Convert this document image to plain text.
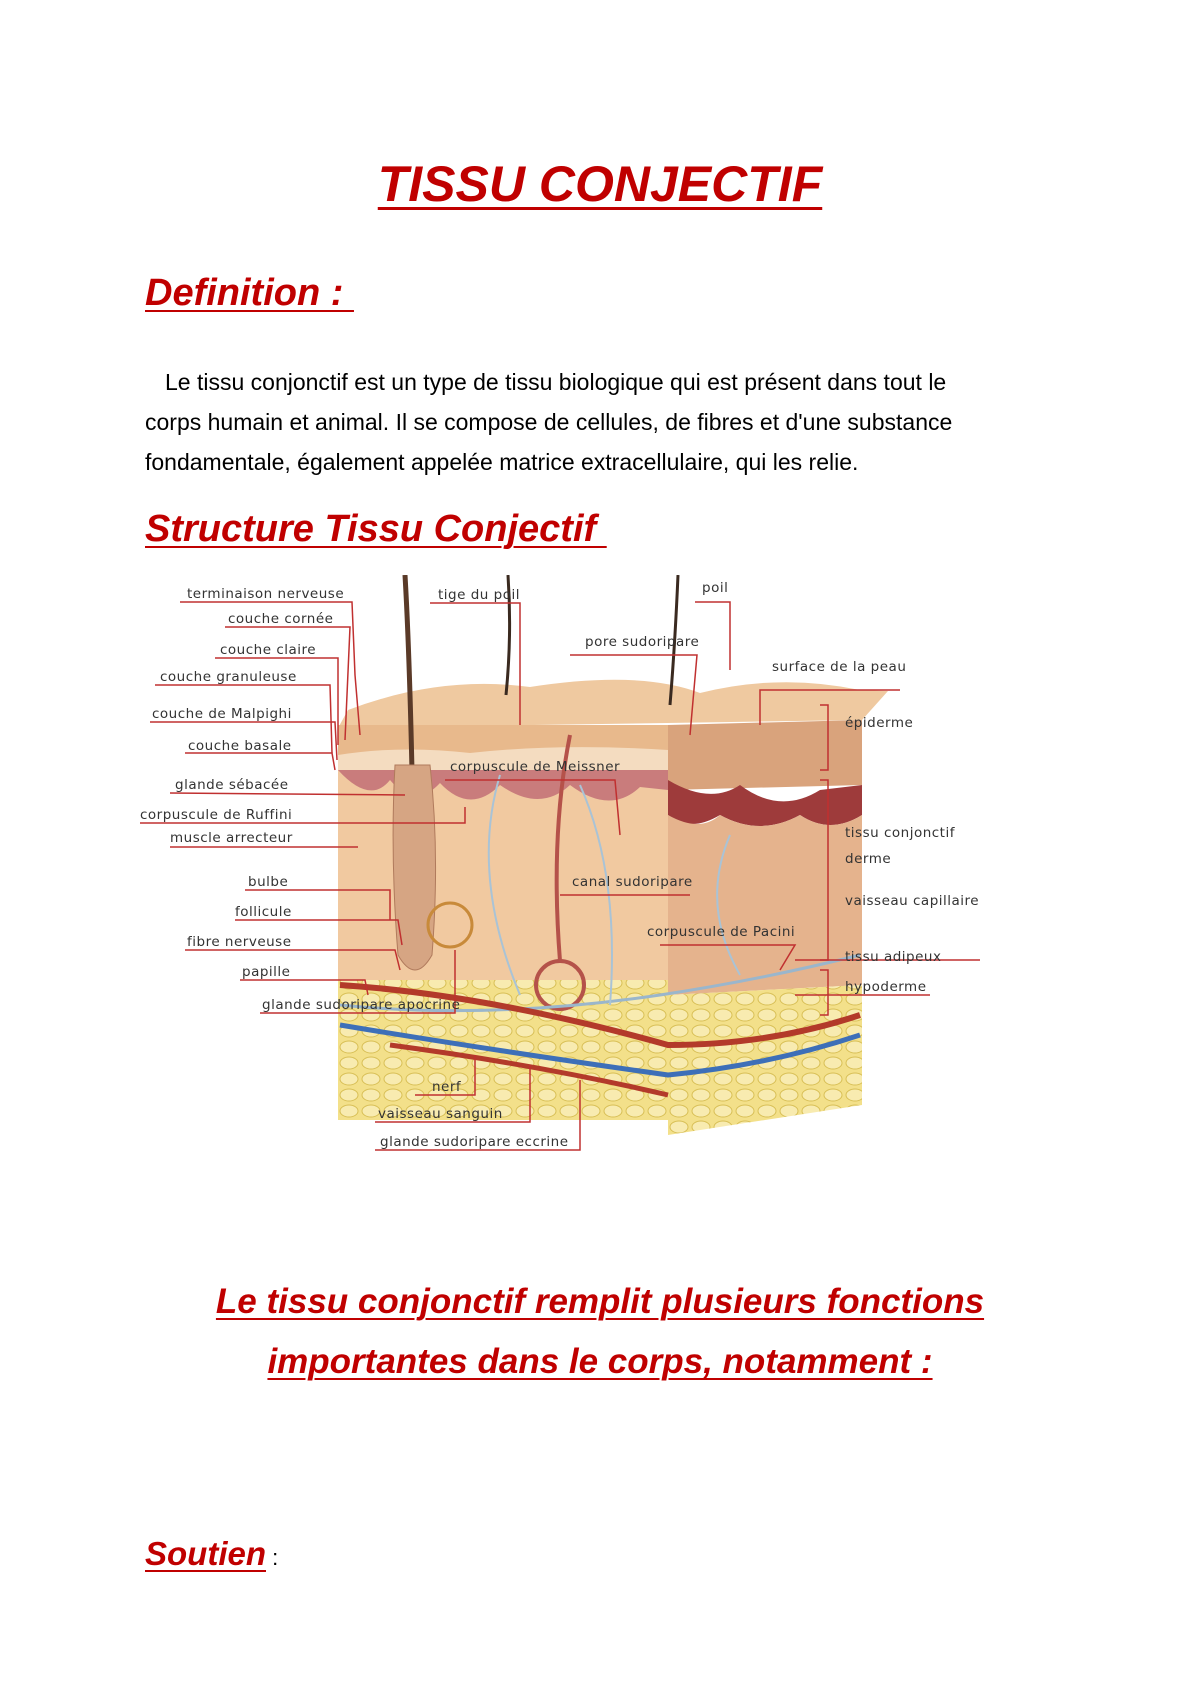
TISSU CONJECTIF
Definition :

Le tissu conjonctif est un type de tissu biologique qui est présent dans tout le
corps humain et animal. Il se compose de cellules, de fibres et d'une substance
fondamentale, également appelée matrice extracellulaire, qui les relie.

Structure Tissu Conjectif
terminaison nerveuse
couche cornée
couche claire
couche granuleuse
couche de Malpighi
couche basale
glande sébacée
corpuscule de Ruffini
muscle arrecteur
bulbe
follicule
fibre nerveuse
papille
glande sudoripare apocrine
tige du poil	poil
pore sudoripare
surface de la peau
corpuscule de Meissner
canal sudoripare
corpuscule de Pacini
épiderme
tissu conjonctif
derme
vaisseau capillaire
tissu adipeux
hypoderme
nerf
vaisseau sanguin
glande sudoripare eccrine
Le tissu conjonctif remplit plusieurs fonctions
importantes dans le corps, notamment :

Soutien :
